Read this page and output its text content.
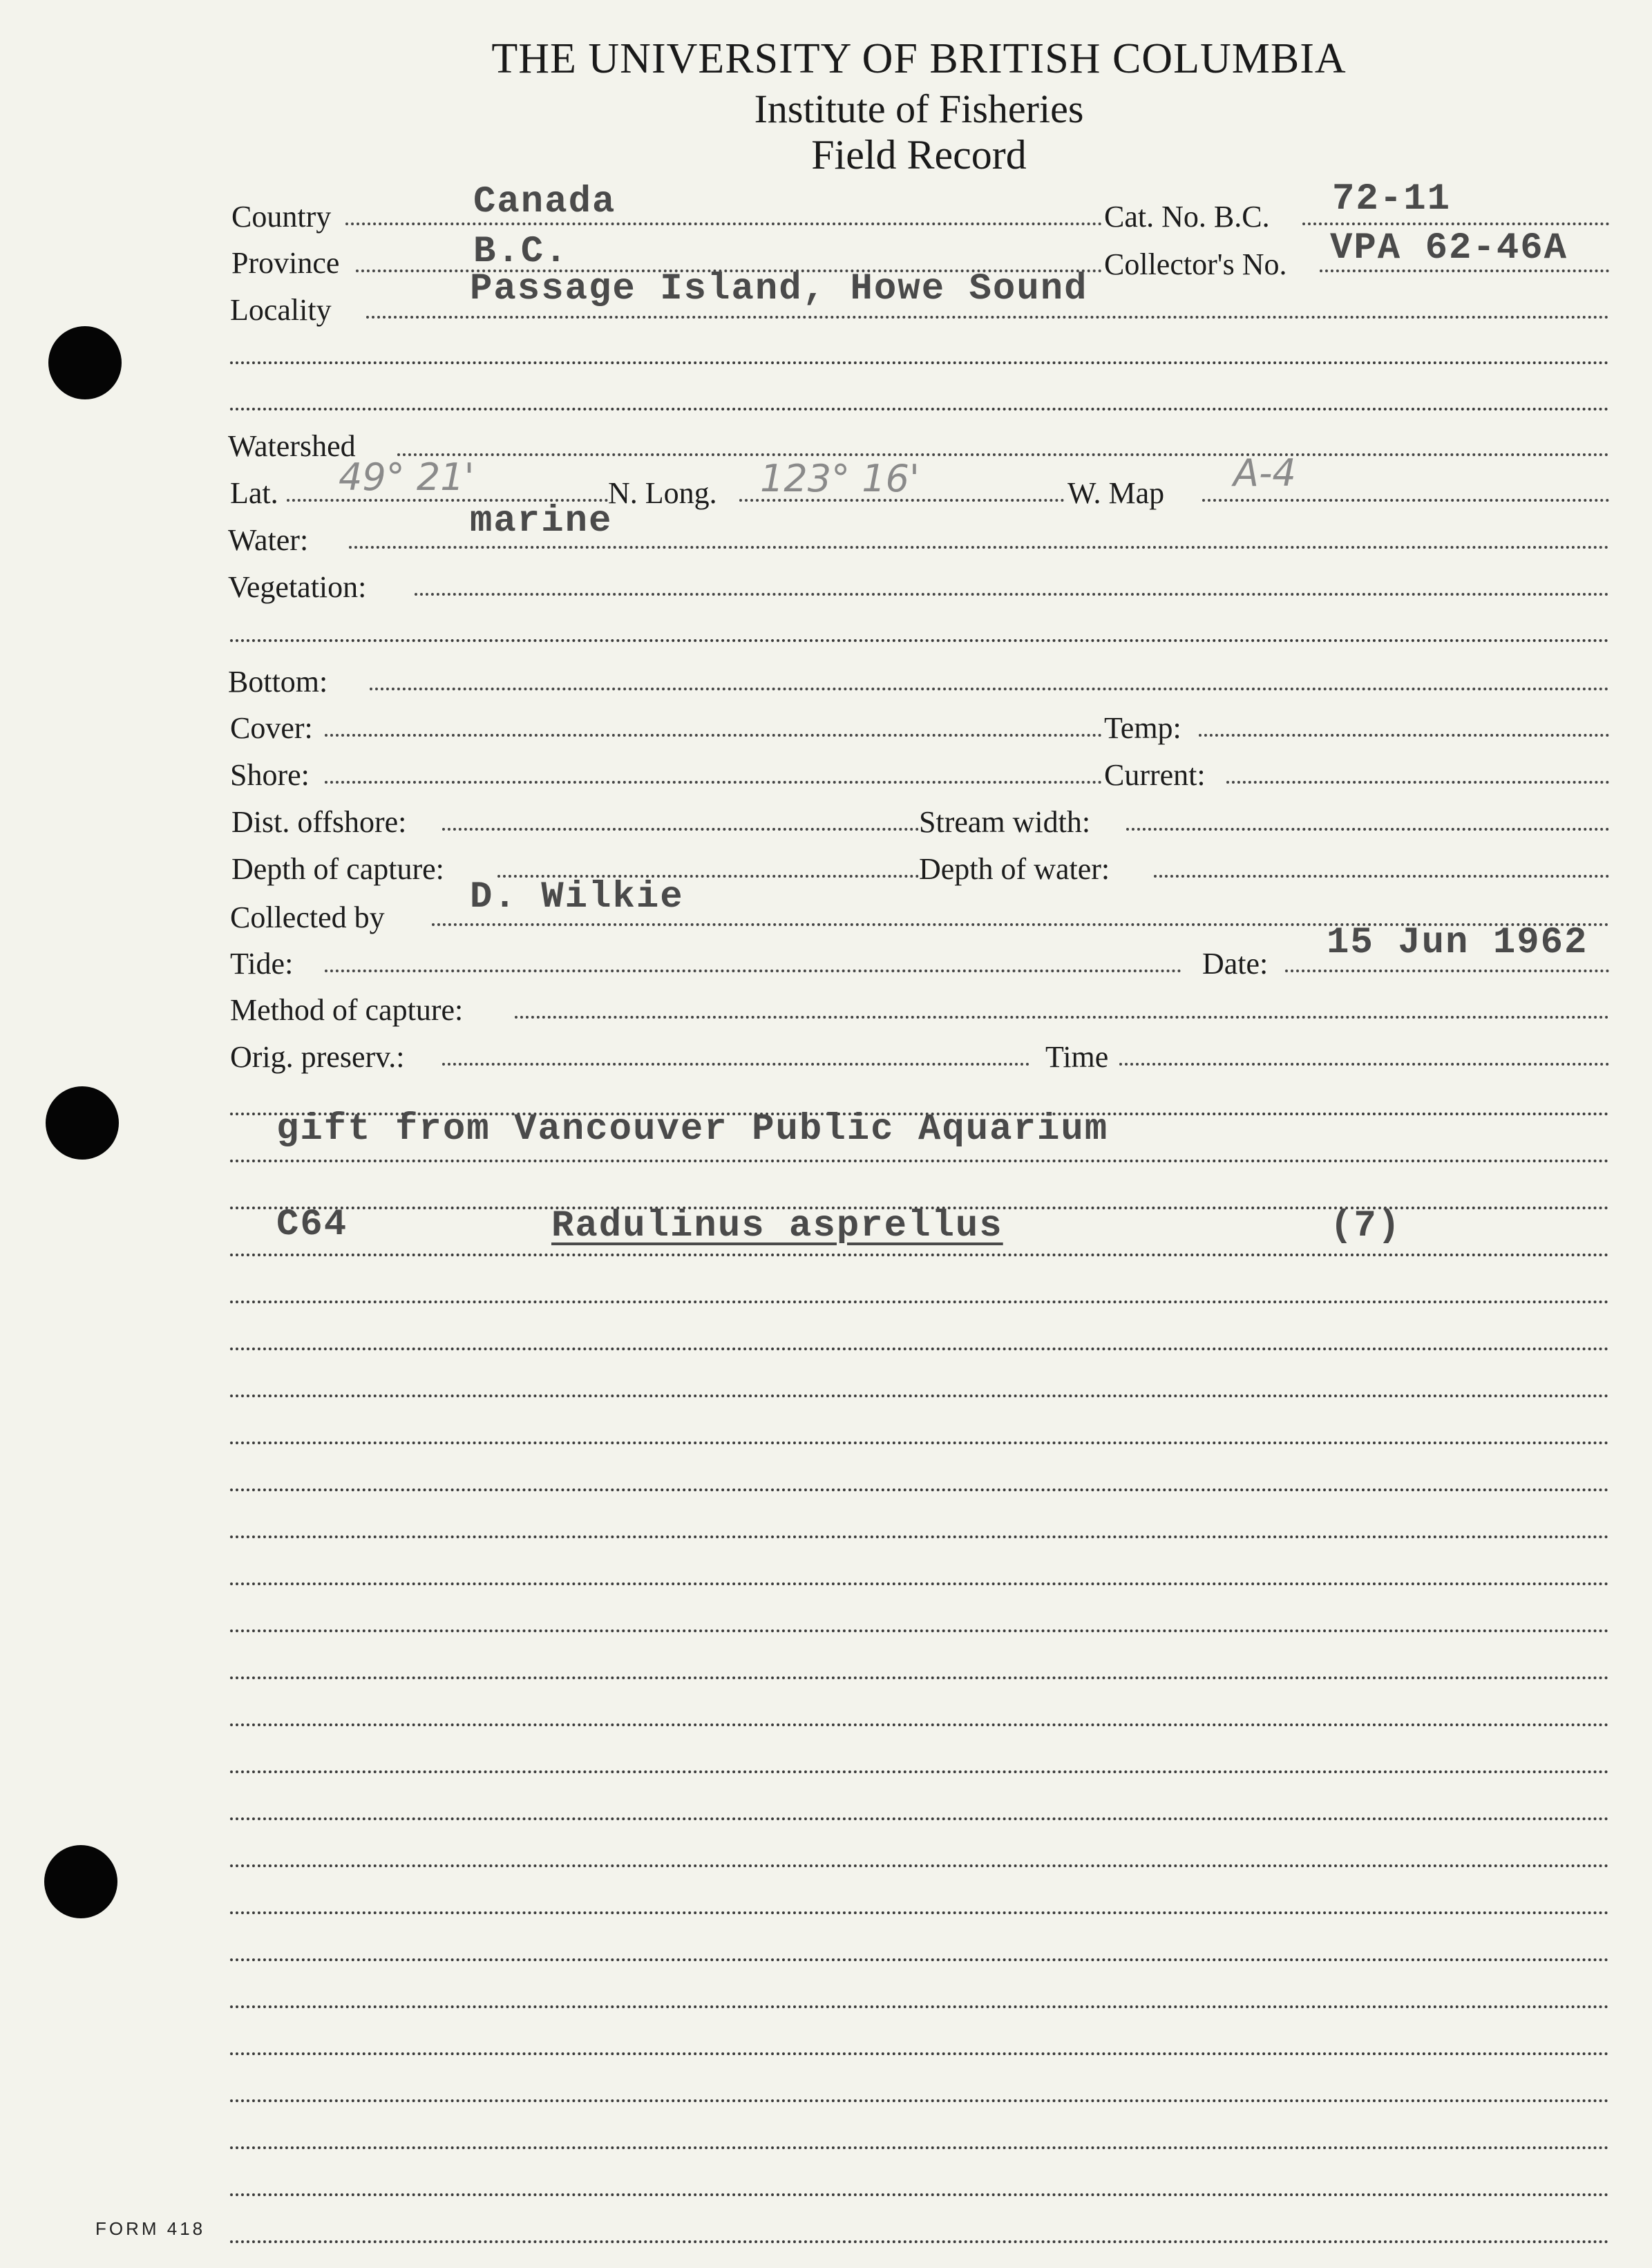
THE UNIVERSITY OF BRITISH COLUMBIA
Institute of Fisheries
Field Record
Country	Canada	Cat. No. B.C. 72-11
Province	B.C.	Collector's No. VPA 62-46A
Locality	Passage Island, Howe Sound
Watershed
Lat. 49° 21'	N. Long. 123° 16'	W. Map A-4
Water:	marine
Vegetation:
Bottom:
Cover:	Temp:
Shore:	Current:
Dist. offshore:	Stream width:
Depth of capture:	Depth of water:
Collected by D. Wilkie
Tide:	Date: 15 Jun 1962
Method of capture:
Orig. preserv.:	Time
gift from Vancouver Public Aquarium
C64	Radulinus asprellus	(7)
FORM 418
